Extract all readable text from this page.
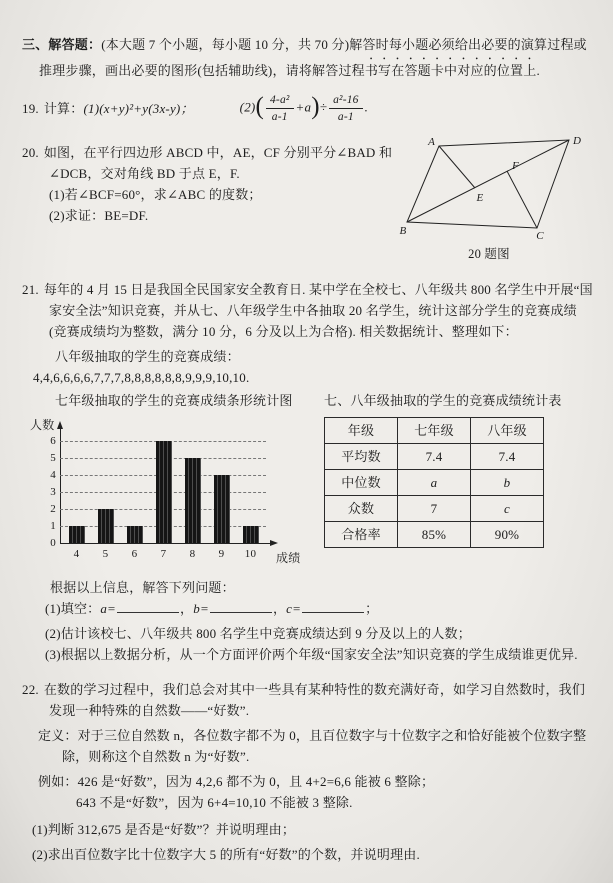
三、解答题：(本大题 7 个小题，每小题 10 分，共 70 分)解答时每小题必须给出必要的演算过程或推理步骤，画出必要的图形(包括辅助线)，请将解答过程书写在答题卡中对应的位置上.
19. 计算： (1)(x+y)²+y(3x-y)；	$(2)( \frac{\text{4-a²}}{a-1} +a)\div \frac{\text{a²-16}}{a-1}$ .
20. 如图，在平行四边形 ABCD 中，AE，CF 分别平分∠BAD 和∠DCB，交对角线 BD 于点 E，F.
(1)若∠BCF=60°，求∠ABC 的度数；
(2)求证：BE=DF.
A	D
B	C
E
F
20 题图
21. 每年的 4 月 15 日是我国全民国家安全教育日. 某中学在全校七、八年级共 800 名学生中开展“国家安全法”知识竞赛，并从七、八年级学生中各抽取 20 名学生，统计这部分学生的竞赛成绩(竞赛成绩均为整数，满分 10 分，6 分及以上为合格). 相关数据统计、整理如下：
八年级抽取的学生的竞赛成绩：
4,4,6,6,6,6,7,7,7,8,8,8,8,8,8,9,9,9,10,10.
七年级抽取的学生的竞赛成绩条形统计图
人数
成绩
0
1
2
3
4
5
6
4	5	6	7	8	9	10
七、八年级抽取的学生的竞赛成绩统计表
年级	七年级	八年级
平均数	7.4	7.4
中位数	a	b
众数	7	c
合格率	85%	90%
根据以上信息，解答下列问题：
(1)填空：a=	，b=	，c=	；
(2)估计该校七、八年级共 800 名学生中竞赛成绩达到 9 分及以上的人数；
(3)根据以上数据分析，从一个方面评价两个年级“国家安全法”知识竞赛的学生成绩谁更优异.
22. 在数的学习过程中，我们总会对其中一些具有某种特性的数充满好奇，如学习自然数时，我们发现一种特殊的自然数——“好数”.
定义：对于三位自然数 n，各位数字都不为 0，且百位数字与十位数字之和恰好能被个位数字整除，则称这个自然数 n 为“好数”.
例如：426 是“好数”，因为 4,2,6 都不为 0，且 4+2=6,6 能被 6 整除；
643 不是“好数”，因为 6+4=10,10 不能被 3 整除.
(1)判断 312,675 是否是“好数”？并说明理由；
(2)求出百位数字比十位数字大 5 的所有“好数”的个数，并说明理由.
